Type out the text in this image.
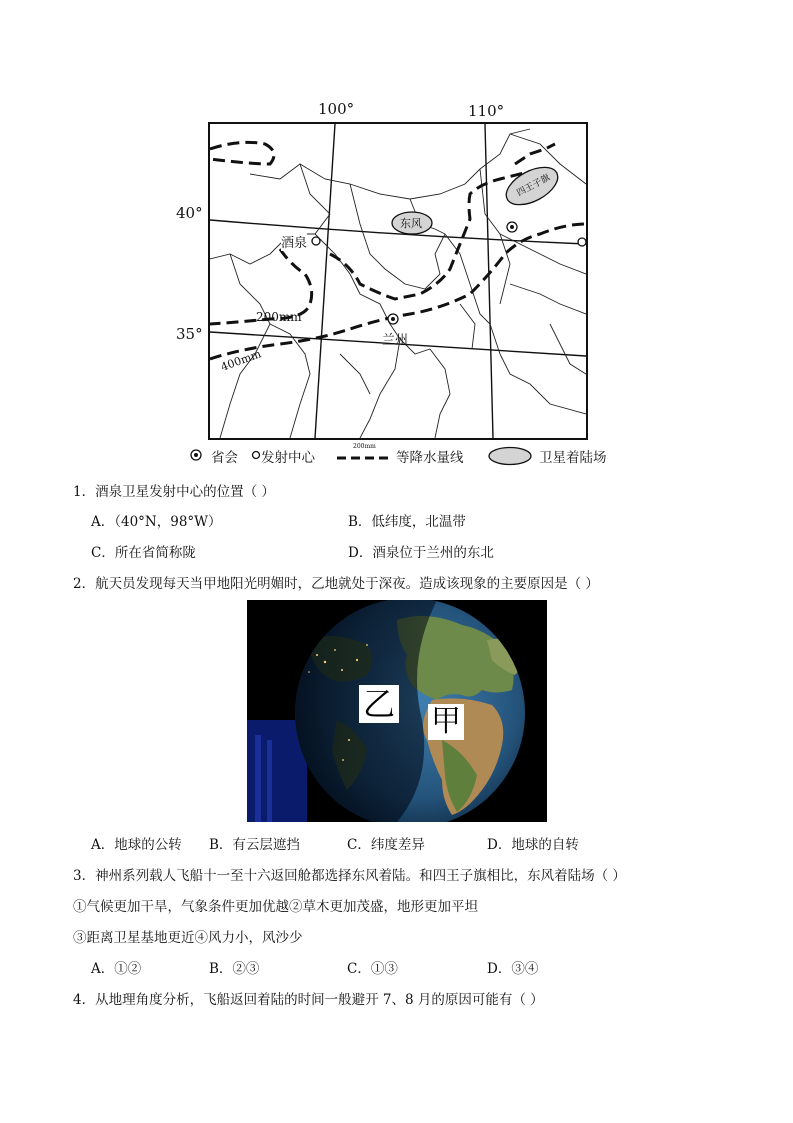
100°	110°
40°
35°
酒泉
东风
四王子旗
兰州
200mm
400mm
省会 发射中心
200mm
等降水量线	卫星着陆场
1．酒泉卫星发射中心的位置（ ）
A．（40°N，98°W）	B．低纬度，北温带
C．所在省简称陇	D．酒泉位于兰州的东北
2．航天员发现每天当甲地阳光明媚时，乙地就处于深夜。造成该现象的主要原因是（ ）
乙 甲
A．地球的公转 B．有云层遮挡	C．纬度差异	D．地球的自转
3．神州系列载人飞船十一至十六返回舱都选择东风着陆。和四王子旗相比，东风着陆场（ ）
①气候更加干旱，气象条件更加优越②草木更加茂盛，地形更加平坦
③距离卫星基地更近④风力小，风沙少
A．①②	B．②③	C．①③	D．③④
4．从地理角度分析，飞船返回着陆的时间一般避开 7、8 月的原因可能有（ ）
